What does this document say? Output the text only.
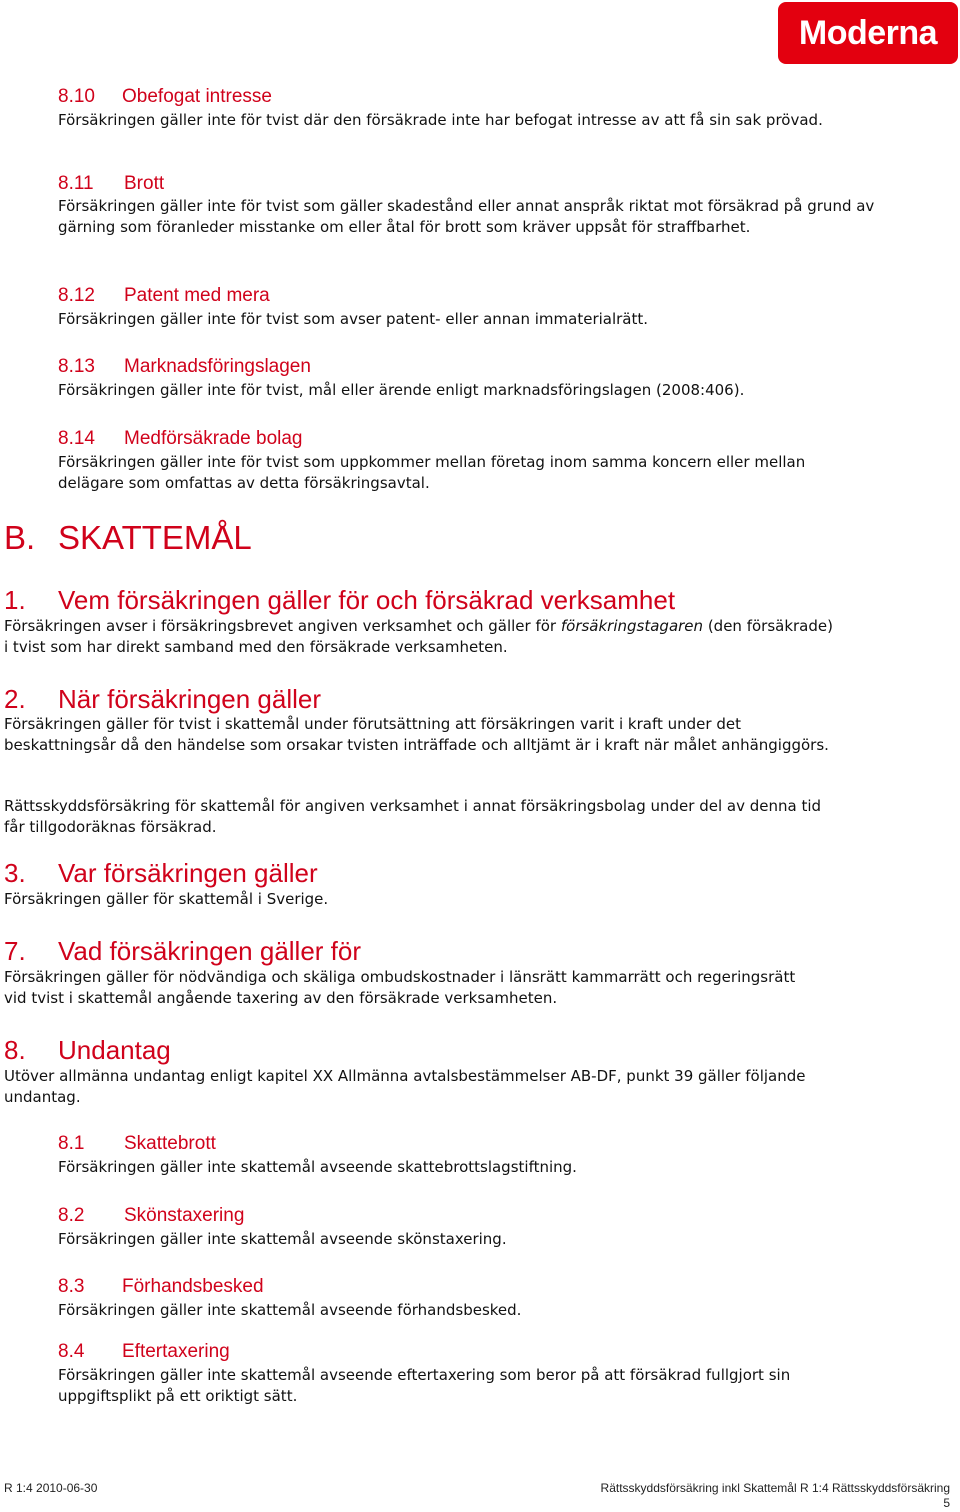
Moderna
8.10 Obefogat intresse
Försäkringen gäller inte för tvist där den försäkrade inte har befogat intresse av att få sin sak prövad.
8.11 Brott
Försäkringen gäller inte för tvist som gäller skadestånd eller annat anspråk riktat mot försäkrad på grund av gärning som föranleder misstanke om eller åtal för brott som kräver uppsåt för straffbarhet.
8.12 Patent med mera
Försäkringen gäller inte för tvist som avser patent- eller annan immaterialrätt.
8.13 Marknadsföringslagen
Försäkringen gäller inte för tvist, mål eller ärende enligt marknadsföringslagen (2008:406).
8.14 Medförsäkrade bolag
Försäkringen gäller inte för tvist som uppkommer mellan företag inom samma koncern eller mellan delägare som omfattas av detta försäkringsavtal.
B. SKATTEMÅL
1. Vem försäkringen gäller för och försäkrad verksamhet
Försäkringen avser i försäkringsbrevet angiven verksamhet och gäller för försäkringstagaren (den försäkrade) i tvist som har direkt samband med den försäkrade verksamheten.
2. När försäkringen gäller
Försäkringen gäller för tvist i skattemål under förutsättning att försäkringen varit i kraft under det beskattningsår då den händelse som orsakar tvisten inträffade och alltjämt är i kraft när målet anhängiggörs.
Rättsskyddsförsäkring för skattemål för angiven verksamhet i annat försäkringsbolag under del av denna tid får tillgodoräknas försäkrad.
3. Var försäkringen gäller
Försäkringen gäller för skattemål i Sverige.
7. Vad försäkringen gäller för
Försäkringen gäller för nödvändiga och skäliga ombudskostnader i länsrätt kammarrätt och regeringsrätt vid tvist i skattemål angående taxering av den försäkrade verksamheten.
8. Undantag
Utöver allmänna undantag enligt kapitel XX Allmänna avtalsbestämmelser AB-DF, punkt 39 gäller följande undantag.
8.1 Skattebrott
Försäkringen gäller inte skattemål avseende skattebrottslagstiftning.
8.2 Skönstaxering
Försäkringen gäller inte skattemål avseende skönstaxering.
8.3 Förhandsbesked
Försäkringen gäller inte skattemål avseende förhandsbesked.
8.4 Eftertaxering
Försäkringen gäller inte skattemål avseende eftertaxering som beror på att försäkrad fullgjort sin uppgiftsplikt på ett oriktigt sätt.
R 1:4 2010-06-30	Rättsskyddsförsäkring inkl Skattemål R 1:4 Rättsskyddsförsäkring
5
